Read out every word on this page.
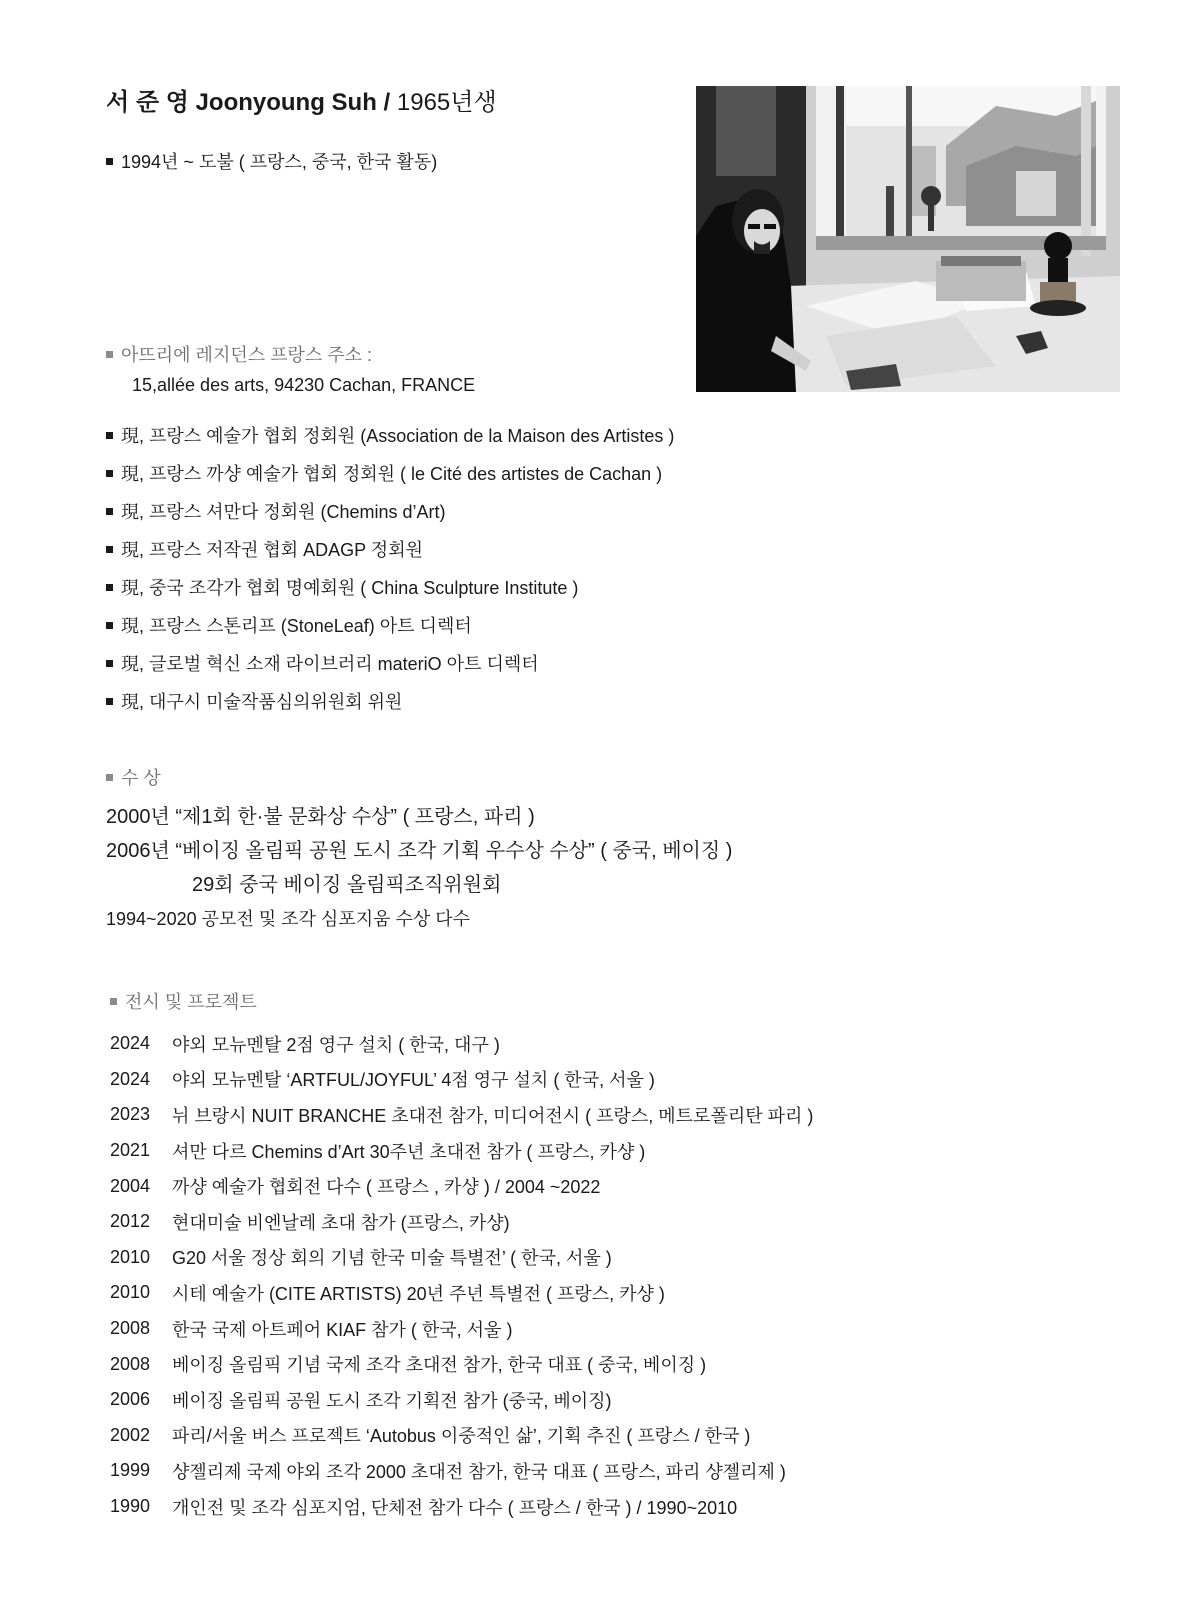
서 준 영 Joonyoung Suh / 1965년생
1994년 ~ 도불 ( 프랑스, 중국, 한국 활동)
아뜨리에 레지던스 프랑스 주소 :
15,allée des arts, 94230 Cachan, FRANCE
現, 프랑스 예술가 협회 정회원 (Association de la Maison des Artistes )
現, 프랑스 까샹 예술가 협회 정회원 ( le Cité des artistes de Cachan )
現, 프랑스 셔만다 정회원 (Chemins d’Art)
現, 프랑스 저작권 협회 ADAGP 정회원
現, 중국 조각가 협회 명예회원 ( China Sculpture Institute )
現, 프랑스 스톤리프 (StoneLeaf) 아트 디렉터
現, 글로벌 혁신 소재 라이브러리 materiO 아트 디렉터
現, 대구시 미술작품심의위원회 위원
수 상
2000년 “제1회 한·불 문화상 수상” ( 프랑스, 파리 )
2006년 “베이징 올림픽 공원 도시 조각 기획 우수상 수상” ( 중국, 베이징 )
29회 중국 베이징 올림픽조직위원회
1994~2020 공모전 및 조각 심포지움 수상 다수
전시 및 프로젝트
2024	야외 모뉴멘탈 2점 영구 설치 ( 한국, 대구 )
2024	야외 모뉴멘탈 ‘ARTFUL/JOYFUL’ 4점 영구 설치 ( 한국, 서울 )
2023	뉘 브랑시 NUIT BRANCHE 초대전 참가, 미디어전시 ( 프랑스, 메트로폴리탄 파리 )
2021	셔만 다르 Chemins d’Art 30주년 초대전 참가 ( 프랑스, 카샹 )
2004	까샹 예술가 협회전 다수 ( 프랑스 , 카샹 ) / 2004 ~2022
2012	현대미술 비엔날레 초대 참가 (프랑스, 카샹)
2010	G20 서울 정상 회의 기념 한국 미술 특별전’ ( 한국, 서울 )
2010	시테 예술가 (CITE ARTISTS) 20년 주년 특별전 ( 프랑스, 카샹 )
2008	한국 국제 아트페어 KIAF 참가 ( 한국, 서울 )
2008	베이징 올림픽 기념 국제 조각 초대전 참가, 한국 대표 ( 중국, 베이징 )
2006	베이징 올림픽 공원 도시 조각 기획전 참가 (중국, 베이징)
2002	파리/서울 버스 프로젝트 ‘Autobus 이중적인 삶’, 기획 추진 ( 프랑스 / 한국 )
1999	샹젤리제 국제 야외 조각 2000 초대전 참가, 한국 대표 ( 프랑스, 파리 샹젤리제 )
1990	개인전 및 조각 심포지엄, 단체전 참가 다수 ( 프랑스 / 한국 ) / 1990~2010
